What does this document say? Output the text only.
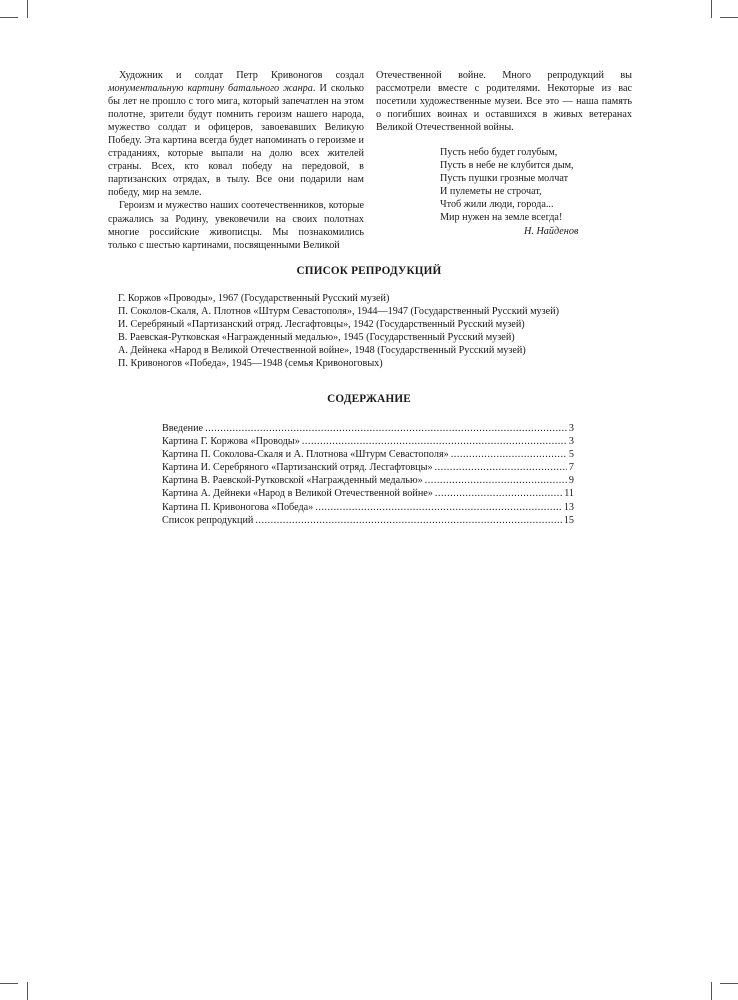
Художник и солдат Петр Кривоногов создал монументальную картину батального жанра. И сколько бы лет не прошло с того мига, который запечатлен на этом полотне, зрители будут помнить героизм нашего народа, мужество солдат и офицеров, завоевавших Великую Победу. Эта картина всегда будет напоминать о героизме и страданиях, которые выпали на долю всех жителей страны. Всех, кто ковал победу на передовой, в партизанских отрядах, в тылу. Все они подарили нам победу, мир на земле.

Героизм и мужество наших соотечественников, которые сражались за Родину, увековечили на своих полотнах многие российские живописцы. Мы познакомились только с шестью картинами, посвященными Великой

Отечественной войне. Много репродукций вы рассмотрели вместе с родителями. Некоторые из вас посетили художественные музеи. Все это — наша память о погибших воинах и оставшихся в живых ветеранах Великой Отечественной войны.

Пусть небо будет голубым,
Пусть в небе не клубится дым,
Пусть пушки грозные молчат
И пулеметы не строчат,
Чтоб жили люди, города...
Мир нужен на земле всегда!
Н. Найденов
СПИСОК РЕПРОДУКЦИЙ
Г. Коржов «Проводы», 1967 (Государственный Русский музей)
П. Соколов-Скаля, А. Плотнов «Штурм Севастополя», 1944—1947 (Государственный Русский музей)
И. Серебряный «Партизанский отряд. Лесгафтовцы», 1942 (Государственный Русский музей)
В. Раевская-Рутковская «Награжденный медалью», 1945 (Государственный Русский музей)
А. Дейнека «Народ в Великой Отечественной войне», 1948 (Государственный Русский музей)
П. Кривоногов «Победа», 1945—1948 (семья Кривоноговых)
СОДЕРЖАНИЕ
Введение .....	3
Картина Г. Коржова «Проводы» .....	3
Картина П. Соколова-Скаля и А. Плотнова «Штурм Севастополя» .....	5
Картина И. Серебряного «Партизанский отряд. Лесгафтовцы» .....	7
Картина В. Раевской-Рутковской «Награжденный медалью» .....	9
Картина А. Дейнеки «Народ в Великой Отечественной войне» .....	11
Картина П. Кривоногова «Победа» .....	13
Список репродукций .....	15
